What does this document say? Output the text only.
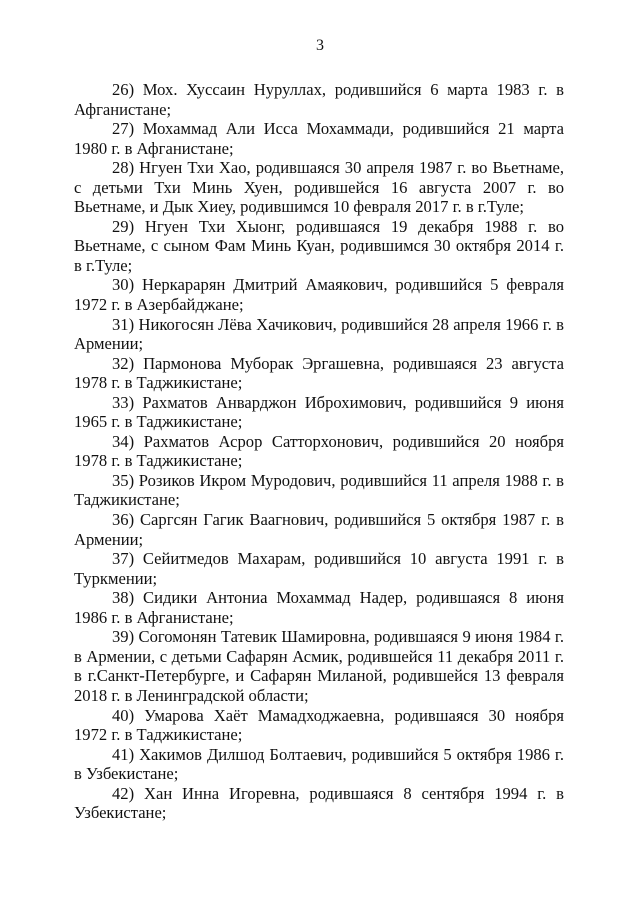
3

26) Мох. Хуссаин Нуруллах, родившийся 6 марта 1983 г. в Афганистане;

27) Мохаммад Али Исса Мохаммади, родившийся 21 марта 1980 г. в Афганистане;

28) Нгуен Тхи Хао, родившаяся 30 апреля 1987 г. во Вьетнаме, с детьми Тхи Минь Хуен, родившейся 16 августа 2007 г. во Вьетнаме, и Дык Хиеу, родившимся 10 февраля 2017 г. в г.Туле;

29) Нгуен Тхи Хыонг, родившаяся 19 декабря 1988 г. во Вьетнаме, с сыном Фам Минь Куан, родившимся 30 октября 2014 г. в г.Туле;

30) Неркарарян Дмитрий Амаякович, родившийся 5 февраля 1972 г. в Азербайджане;

31) Никогосян Лёва Хачикович, родившийся 28 апреля 1966 г. в Армении;

32) Пармонова Муборак Эргашевна, родившаяся 23 августа 1978 г. в Таджикистане;

33) Рахматов Анварджон Иброхимович, родившийся 9 июня 1965 г. в Таджикистане;

34) Рахматов Асрор Сатторхонович, родившийся 20 ноября 1978 г. в Таджикистане;

35) Розиков Икром Муродович, родившийся 11 апреля 1988 г. в Таджикистане;

36) Саргсян Гагик Ваагнович, родившийся 5 октября 1987 г. в Армении;

37) Сейитмедов Махарам, родившийся 10 августа 1991 г. в Туркмении;

38) Сидики Антониа Мохаммад Надер, родившаяся 8 июня 1986 г. в Афганистане;

39) Согомонян Татевик Шамировна, родившаяся 9 июня 1984 г. в Армении, с детьми Сафарян Асмик, родившейся 11 декабря 2011 г. в г.Санкт-Петербурге, и Сафарян Миланой, родившейся 13 февраля 2018 г. в Ленинградской области;

40) Умарова Хаёт Мамадходжаевна, родившаяся 30 ноября 1972 г. в Таджикистане;

41) Хакимов Дилшод Болтаевич, родившийся 5 октября 1986 г. в Узбекистане;

42) Хан Инна Игоревна, родившаяся 8 сентября 1994 г. в Узбекистане;
